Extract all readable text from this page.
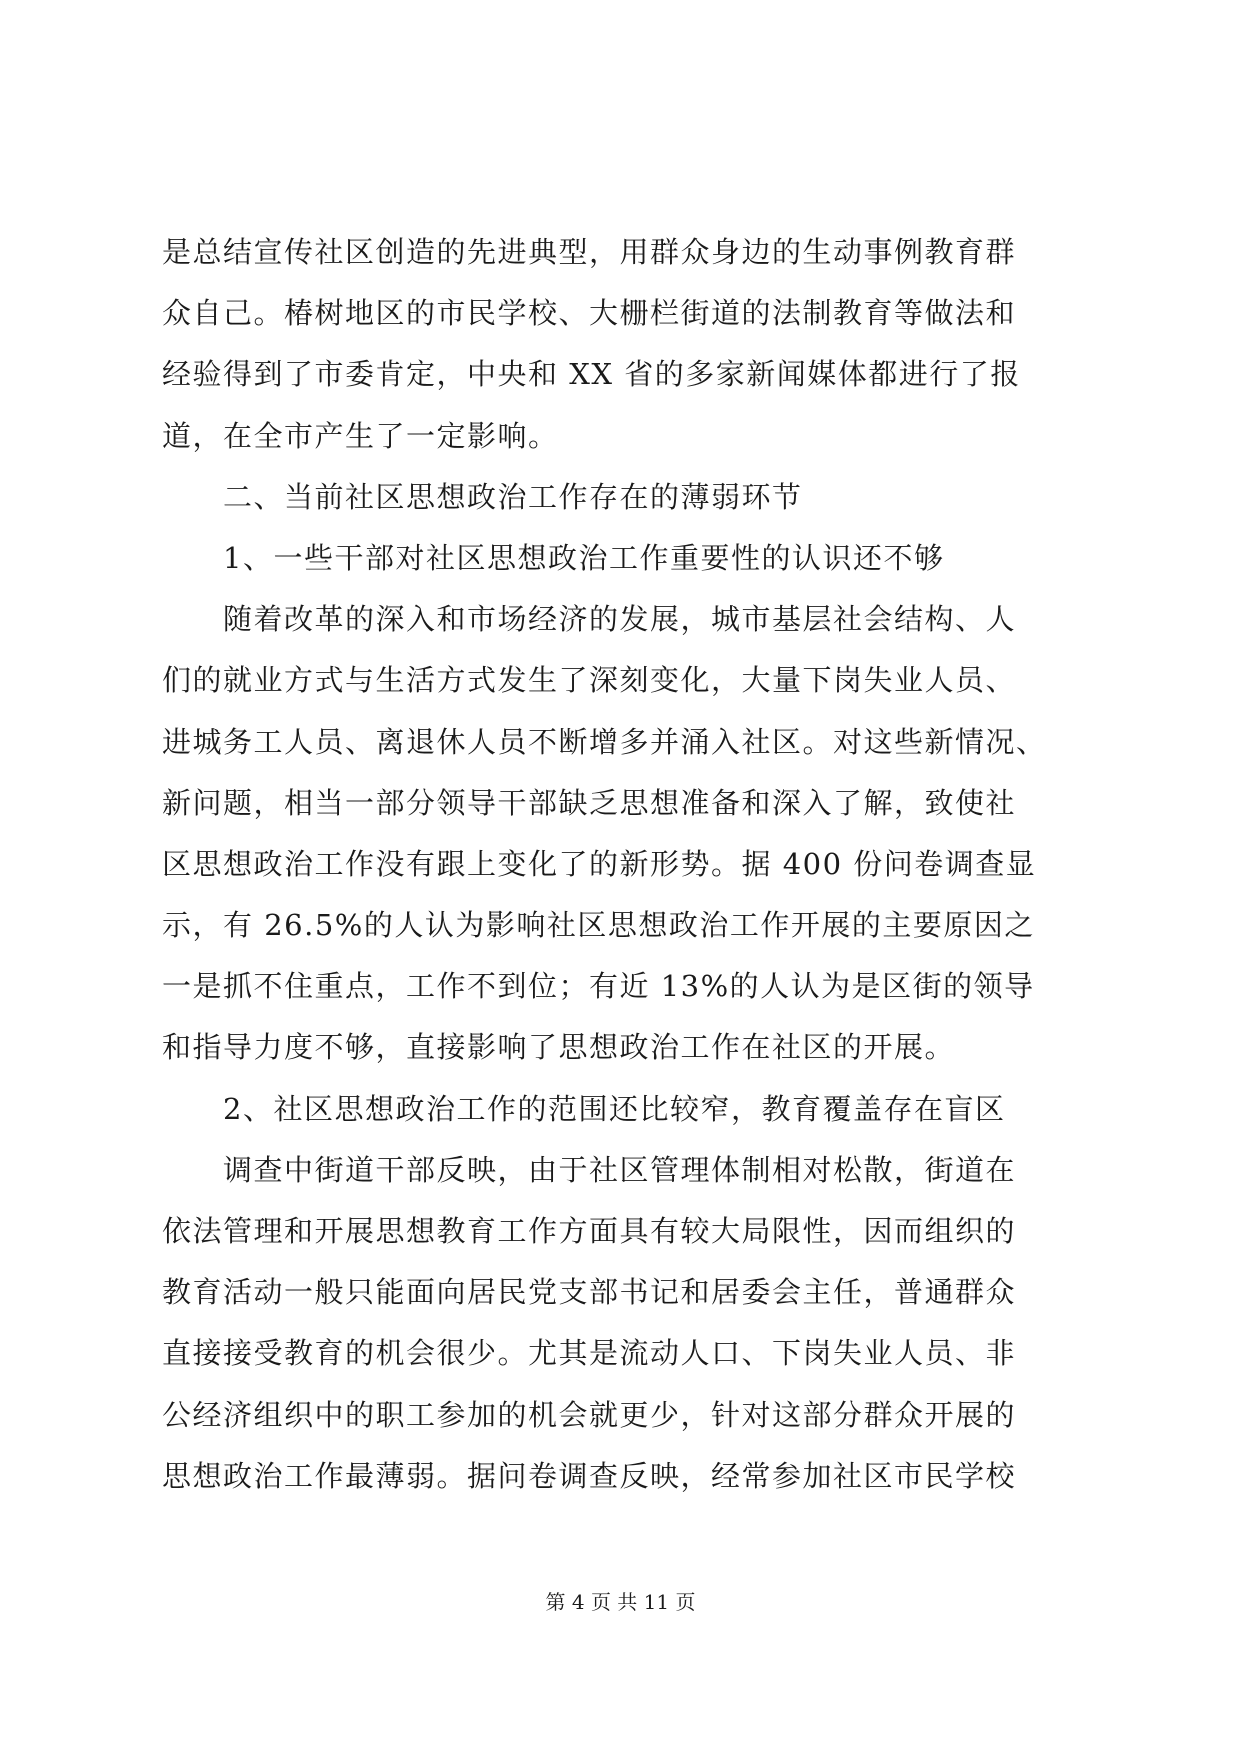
是总结宣传社区创造的先进典型，用群众身边的生动事例教育群
众自己。椿树地区的市民学校、大栅栏街道的法制教育等做法和
经验得到了市委肯定，中央和 XX 省的多家新闻媒体都进行了报
道，在全市产生了一定影响。
　　二、当前社区思想政治工作存在的薄弱环节
　　1、一些干部对社区思想政治工作重要性的认识还不够
　　随着改革的深入和市场经济的发展，城市基层社会结构、人
们的就业方式与生活方式发生了深刻变化，大量下岗失业人员、
进城务工人员、离退休人员不断增多并涌入社区。对这些新情况、
新问题，相当一部分领导干部缺乏思想准备和深入了解，致使社
区思想政治工作没有跟上变化了的新形势。据 400 份问卷调查显
示，有 26.5%的人认为影响社区思想政治工作开展的主要原因之
一是抓不住重点，工作不到位；有近 13%的人认为是区街的领导
和指导力度不够，直接影响了思想政治工作在社区的开展。
　　2、社区思想政治工作的范围还比较窄，教育覆盖存在盲区
　　调查中街道干部反映，由于社区管理体制相对松散，街道在
依法管理和开展思想教育工作方面具有较大局限性，因而组织的
教育活动一般只能面向居民党支部书记和居委会主任，普通群众
直接接受教育的机会很少。尤其是流动人口、下岗失业人员、非
公经济组织中的职工参加的机会就更少，针对这部分群众开展的
思想政治工作最薄弱。据问卷调查反映，经常参加社区市民学校
第 4 页 共 11 页
